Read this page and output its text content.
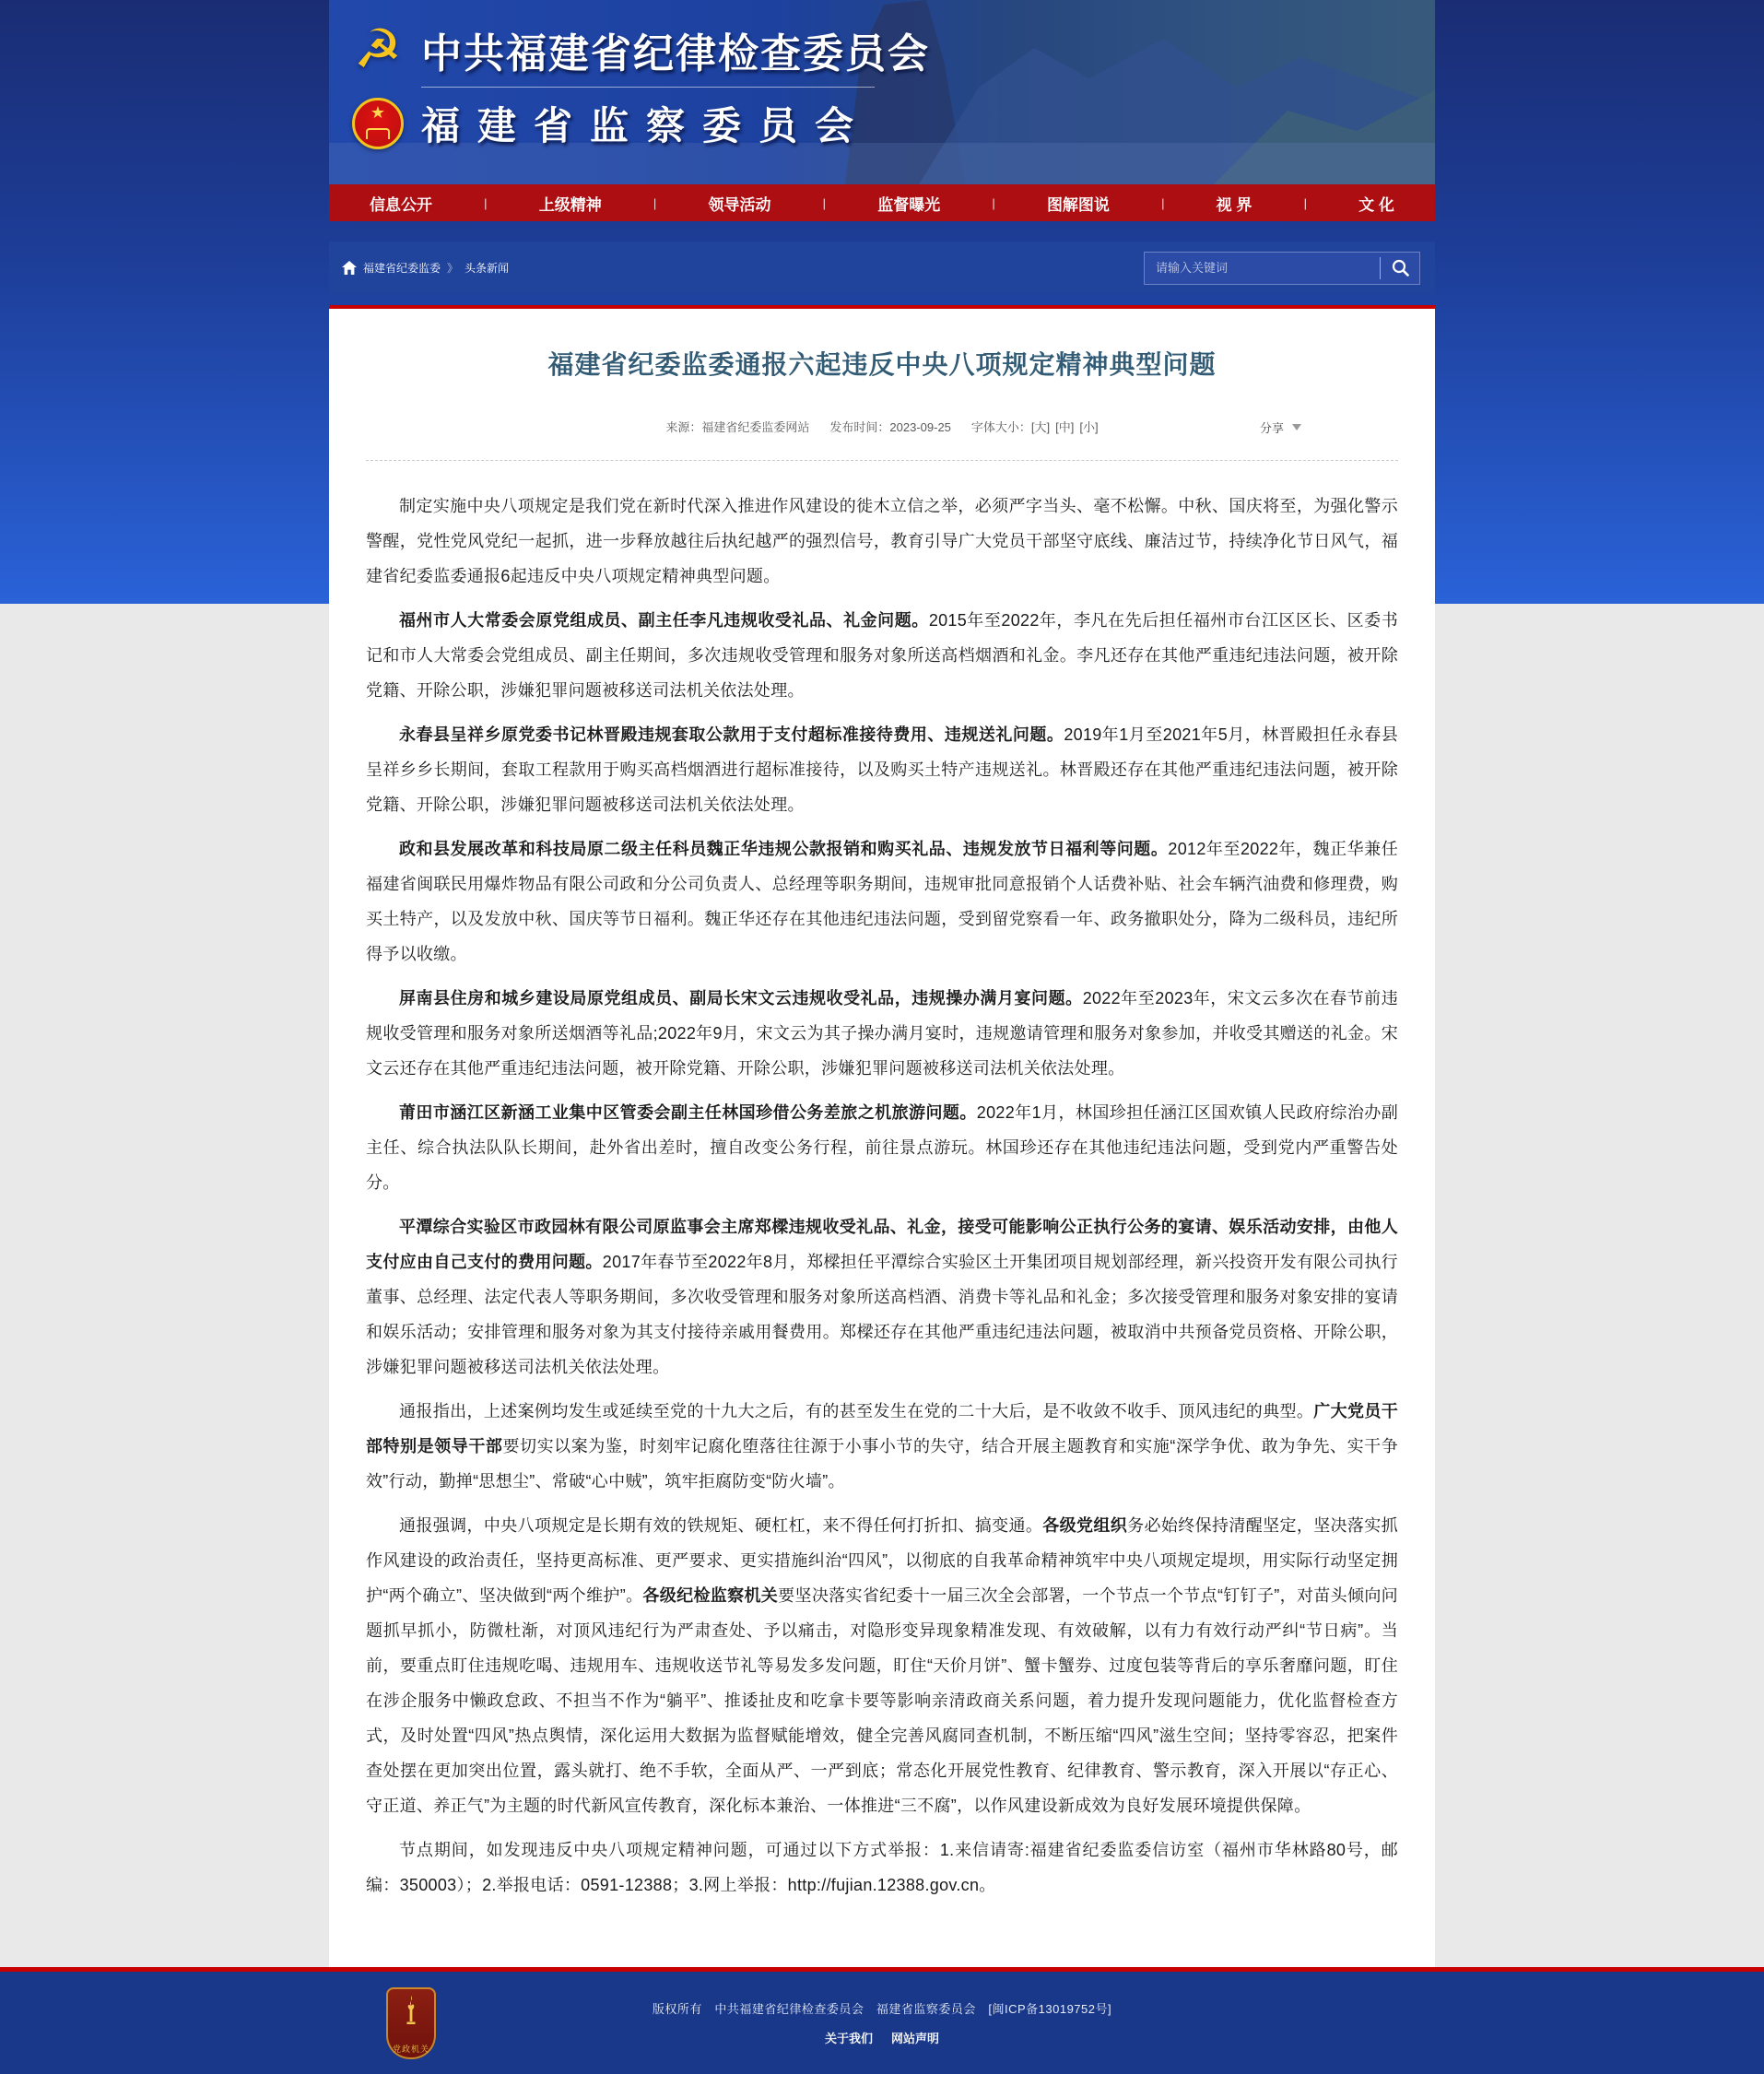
☭ 中共福建省纪律检查委员会
★
福建省监察委员会
信息公开	|	上级精神	|	领导活动	|	监督曝光	|	图解图说	|	视 界	|	文 化
福建省纪委监委 》 头条新闻
请输入关键词
福建省纪委监委通报六起违反中央八项规定精神典型问题
来源：福建省纪委监委网站 发布时间：2023-09-25 字体大小：[大] [中] [小]	分享

制定实施中央八项规定是我们党在新时代深入推进作风建设的徙木立信之举，必须严字当头、毫不松懈。中秋、国庆将至，为强化警示警醒，党性党风党纪一起抓，进一步释放越往后执纪越严的强烈信号，教育引导广大党员干部坚守底线、廉洁过节，持续净化节日风气，福建省纪委监委通报6起违反中央八项规定精神典型问题。

福州市人大常委会原党组成员、副主任李凡违规收受礼品、礼金问题。2015年至2022年，李凡在先后担任福州市台江区区长、区委书记和市人大常委会党组成员、副主任期间，多次违规收受管理和服务对象所送高档烟酒和礼金。李凡还存在其他严重违纪违法问题，被开除党籍、开除公职，涉嫌犯罪问题被移送司法机关依法处理。

永春县呈祥乡原党委书记林晋殿违规套取公款用于支付超标准接待费用、违规送礼问题。2019年1月至2021年5月，林晋殿担任永春县呈祥乡乡长期间，套取工程款用于购买高档烟酒进行超标准接待，以及购买土特产违规送礼。林晋殿还存在其他严重违纪违法问题，被开除党籍、开除公职，涉嫌犯罪问题被移送司法机关依法处理。

政和县发展改革和科技局原二级主任科员魏正华违规公款报销和购买礼品、违规发放节日福利等问题。2012年至2022年，魏正华兼任福建省闽联民用爆炸物品有限公司政和分公司负责人、总经理等职务期间，违规审批同意报销个人话费补贴、社会车辆汽油费和修理费，购买土特产，以及发放中秋、国庆等节日福利。魏正华还存在其他违纪违法问题，受到留党察看一年、政务撤职处分，降为二级科员，违纪所得予以收缴。

屏南县住房和城乡建设局原党组成员、副局长宋文云违规收受礼品，违规操办满月宴问题。2022年至2023年，宋文云多次在春节前违规收受管理和服务对象所送烟酒等礼品;2022年9月，宋文云为其子操办满月宴时，违规邀请管理和服务对象参加，并收受其赠送的礼金。宋文云还存在其他严重违纪违法问题，被开除党籍、开除公职，涉嫌犯罪问题被移送司法机关依法处理。

莆田市涵江区新涵工业集中区管委会副主任林国珍借公务差旅之机旅游问题。2022年1月，林国珍担任涵江区国欢镇人民政府综治办副主任、综合执法队队长期间，赴外省出差时，擅自改变公务行程，前往景点游玩。林国珍还存在其他违纪违法问题，受到党内严重警告处分。

平潭综合实验区市政园林有限公司原监事会主席郑樑违规收受礼品、礼金，接受可能影响公正执行公务的宴请、娱乐活动安排，由他人支付应由自己支付的费用问题。2017年春节至2022年8月，郑樑担任平潭综合实验区土开集团项目规划部经理，新兴投资开发有限公司执行董事、总经理、法定代表人等职务期间，多次收受管理和服务对象所送高档酒、消费卡等礼品和礼金；多次接受管理和服务对象安排的宴请和娱乐活动；安排管理和服务对象为其支付接待亲戚用餐费用。郑樑还存在其他严重违纪违法问题，被取消中共预备党员资格、开除公职，涉嫌犯罪问题被移送司法机关依法处理。

通报指出，上述案例均发生或延续至党的十九大之后，有的甚至发生在党的二十大后，是不收敛不收手、顶风违纪的典型。广大党员干部特别是领导干部要切实以案为鉴，时刻牢记腐化堕落往往源于小事小节的失守，结合开展主题教育和实施“深学争优、敢为争先、实干争效”行动，勤掸“思想尘”、常破“心中贼”，筑牢拒腐防变“防火墙”。

通报强调，中央八项规定是长期有效的铁规矩、硬杠杠，来不得任何打折扣、搞变通。各级党组织务必始终保持清醒坚定，坚决落实抓作风建设的政治责任，坚持更高标准、更严要求、更实措施纠治“四风”，以彻底的自我革命精神筑牢中央八项规定堤坝，用实际行动坚定拥护“两个确立”、坚决做到“两个维护”。各级纪检监察机关要坚决落实省纪委十一届三次全会部署，一个节点一个节点“钉钉子”，对苗头倾向问题抓早抓小，防微杜渐，对顶风违纪行为严肃查处、予以痛击，对隐形变异现象精准发现、有效破解，以有力有效行动严纠“节日病”。当前，要重点盯住违规吃喝、违规用车、违规收送节礼等易发多发问题，盯住“天价月饼”、蟹卡蟹券、过度包装等背后的享乐奢靡问题，盯住在涉企服务中懒政怠政、不担当不作为“躺平”、推诿扯皮和吃拿卡要等影响亲清政商关系问题，着力提升发现问题能力，优化监督检查方式，及时处置“四风”热点舆情，深化运用大数据为监督赋能增效，健全完善风腐同查机制，不断压缩“四风”滋生空间；坚持零容忍，把案件查处摆在更加突出位置，露头就打、绝不手软，全面从严、一严到底；常态化开展党性教育、纪律教育、警示教育，深入开展以“存正心、守正道、养正气”为主题的时代新风宣传教育，深化标本兼治、一体推进“三不腐”，以作风建设新成效为良好发展环境提供保障。

节点期间，如发现违反中央八项规定精神问题，可通过以下方式举报：1.来信请寄:福建省纪委监委信访室（福州市华林路80号，邮编：350003）；2.举报电话：0591-12388；3.网上举报：http://fujian.12388.gov.cn。

党政机关
版权所有　中共福建省纪律检查委员会　福建省监察委员会　[闽ICP备13019752号]
关于我们 网站声明
